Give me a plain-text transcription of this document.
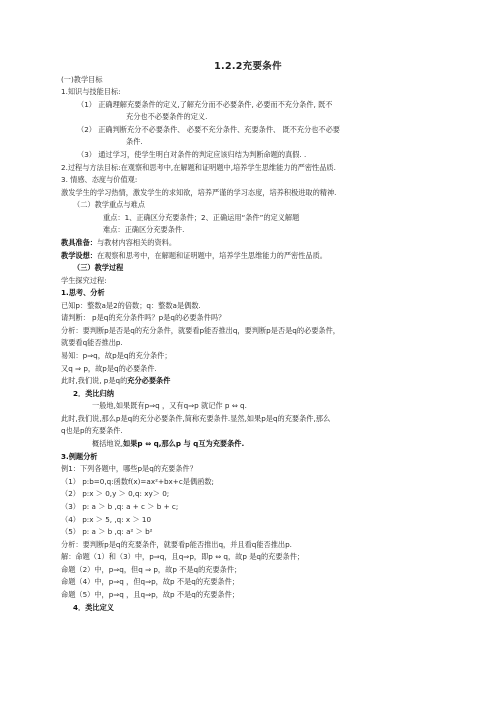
1.2.2充要条件
(一)教学目标
1.知识与技能目标:
（1） 正确理解充要条件的定义,了解充分而不必要条件, 必要而不充分条件, 既不
充分也不必要条件的定义.
（2） 正确判断充分不必要条件、 必要不充分条件、充要条件、 既不充分也不必要
条件.
（3） 通过学习，使学生明白对条件的判定应该归结为判断命题的真假. .
2.过程与方法目标:在观察和思考中,在解题和证明题中,培养学生思维能力的严密性品质.
3. 情感、态度与价值观:
激发学生的学习热情，激发学生的求知欲，培养严谨的学习态度，培养积极进取的精神.
（二）教学重点与难点
重点：1、正确区分充要条件；2、正确运用“条件”的定义解题
难点：正确区分充要条件.
教具准备：与教材内容相关的资料。
教学设想：在观察和思考中，在解题和证明题中，培养学生思维能力的严密性品质。
（三）教学过程
学生探究过程:
1.思考、分析
已知p：整数a是2的倍数；q：整数a是偶数.
请判断： p是q的充分条件吗？p是q的必要条件吗？
分析：要判断p是否是q的充分条件，就要看p能否推出q，要判断p是否是q的必要条件，
就要看q能否推出p.
易知：p⇒q，故p是q的充分条件；
又q ⇒ p，故p是q的必要条件.
此时,我们说, p是q的充分必要条件
2．类比归纳
一般地,如果既有p⇒q ，又有q⇒p 就记作 p ⇔ q.
此时,我们说,那么p是q的充分必要条件,简称充要条件.显然,如果p是q的充要条件,那么
q也是p的充要条件.
概括地说,如果p ⇔ q,那么p 与 q互为充要条件.
3.例题分析
例1：下列各题中，哪些p是q的充要条件？
（1） p:b=0,q:函数f(x)=ax²+bx+c是偶函数;
（2） p:x ＞ 0,y ＞ 0,q: xy＞ 0;
（3） p: a ＞ b ,q: a + c ＞ b + c;
（4） p:x ＞ 5, ,q: x ＞ 10
（5） p: a ＞ b ,q: a² ＞ b²
分析：要判断p是q的充要条件，就要看p能否推出q，并且看q能否推出p.
解：命题（1）和（3）中，p⇒q，且q⇒p，即p ⇔ q，故p 是q的充要条件；
命题（2）中，p⇒q，但q ⇒ p，故p 不是q的充要条件；
命题（4）中，p⇒q ，但q⇒p，故p 不是q的充要条件；
命题（5）中，p⇒q ，且q⇒p，故p 不是q的充要条件；
4．类比定义
